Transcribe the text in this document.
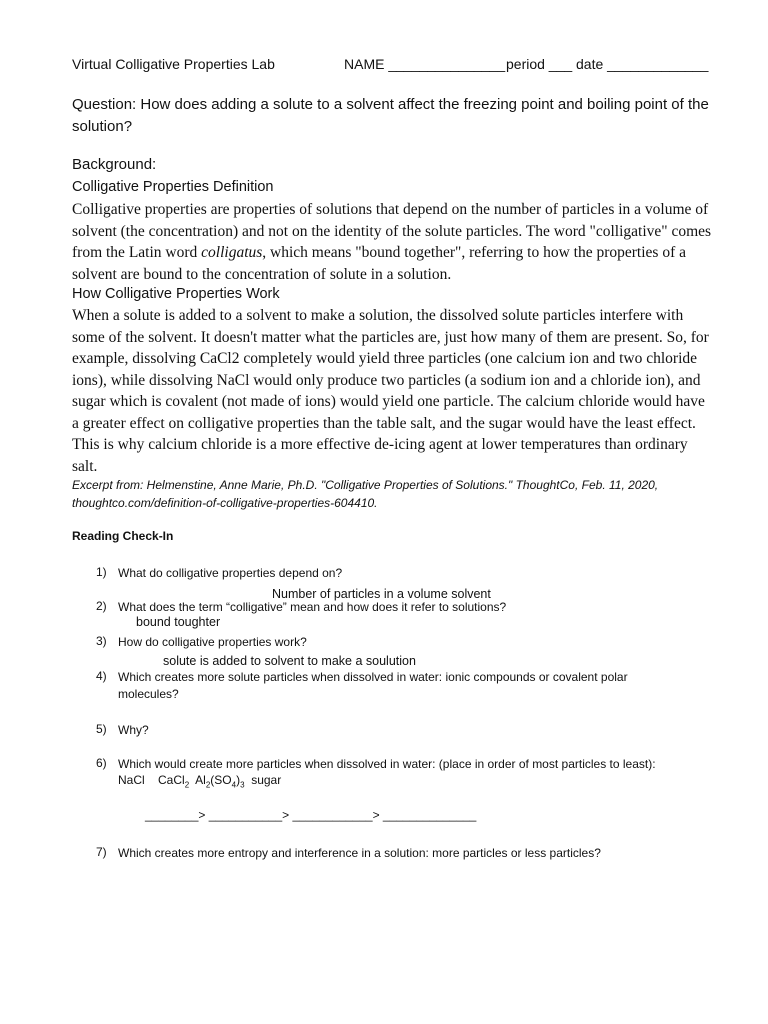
Virtual Colligative Properties Lab	NAME _______________ period ___ date _____________
Question: How does adding a solute to a solvent affect the freezing point and boiling point of the solution?
Background:
Colligative Properties Definition
Colligative properties are properties of solutions that depend on the number of particles in a volume of solvent (the concentration) and not on the identity of the solute particles. The word "colligative" comes from the Latin word colligatus, which means "bound together", referring to how the properties of a solvent are bound to the concentration of solute in a solution.
How Colligative Properties Work
When a solute is added to a solvent to make a solution, the dissolved solute particles interfere with some of the solvent. It doesn't matter what the particles are, just how many of them are present. So, for example, dissolving CaCl2 completely would yield three particles (one calcium ion and two chloride ions), while dissolving NaCl would only produce two particles (a sodium ion and a chloride ion), and sugar which is covalent (not made of ions) would yield one particle. The calcium chloride would have a greater effect on colligative properties than the table salt, and the sugar would have the least effect. This is why calcium chloride is a more effective de-icing agent at lower temperatures than ordinary salt.
Excerpt from: Helmenstine, Anne Marie, Ph.D. "Colligative Properties of Solutions." ThoughtCo, Feb. 11, 2020, thoughtco.com/definition-of-colligative-properties-604410.
Reading Check-In
1) What do colligative properties depend on?
Number of particles in a volume solvent
2) What does the term “colligative” mean and how does it refer to solutions?
bound toughter
3) How do colligative properties work?
solute is added to solvent to make a soulution
4) Which creates more solute particles when dissolved in water: ionic compounds or covalent polar molecules?
5) Why?
6) Which would create more particles when dissolved in water: (place in order of most particles to least):
NaCl CaCl$_2$ $Al_2(SO_4)_3$ sugar
________> ___________> ____________> ______________
7) Which creates more entropy and interference in a solution: more particles or less particles?
